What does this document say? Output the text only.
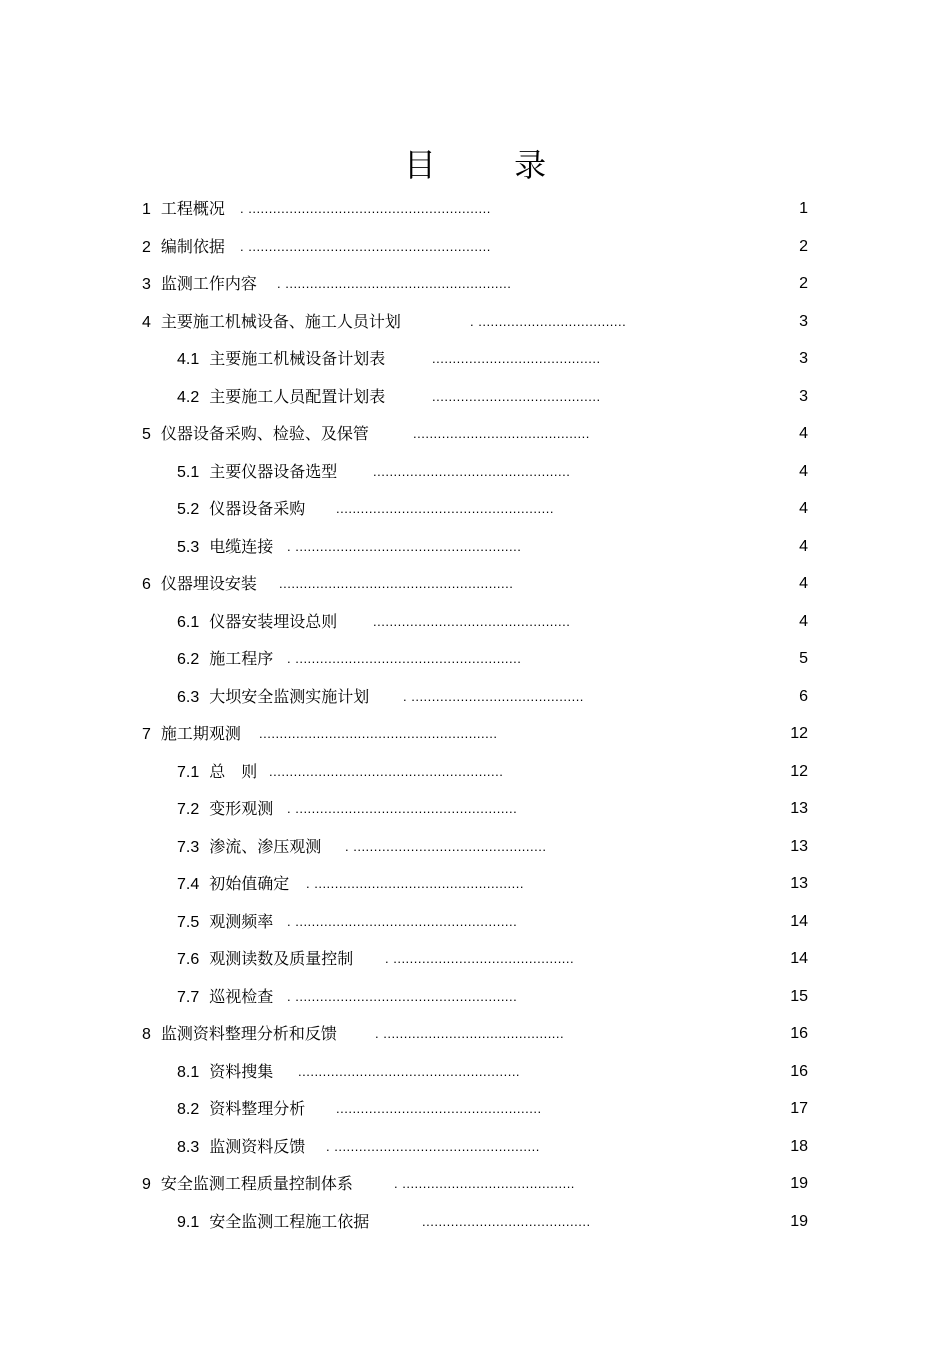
目 录
1 工程概况 . ...........................................................	1
2 编制依据 . ...........................................................	2
3 监测工作内容 . .......................................................	2
4 主要施工机械设备、施工人员计划	. ....................................	3
4.1 主要施工机械设备计划表	.........................................	3
4.2 主要施工人员配置计划表	.........................................	3
5 仪器设备采购、检验、及保管	...........................................	4
5.1 主要仪器设备选型	................................................	4
5.2 仪器设备采购 .....................................................	4
5.3 电缆连接 . .......................................................	4
6 仪器埋设安装 .........................................................	4
6.1 仪器安装埋设总则	................................................	4
6.2 施工程序 . .......................................................	5
6.3 大坝安全监测实施计划	. ..........................................	6
7 施工期观测 ..........................................................	12
7.1 总　则 .........................................................	12
7.2 变形观测 . ......................................................	13
7.3 渗流、渗压观测 . ...............................................	13
7.4 初始值确定 . ...................................................	13
7.5 观测频率 . ......................................................	14
7.6 观测读数及质量控制 . ............................................	14
7.7 巡视检查 . ......................................................	15
8 监测资料整理分析和反馈	. ............................................	16
8.1 资料搜集 ......................................................	16
8.2 资料整理分析 ..................................................	17
8.3 监测资料反馈 . ..................................................	18
9 安全监测工程质量控制体系	. ..........................................	19
9.1 安全监测工程施工依据	.........................................	19
